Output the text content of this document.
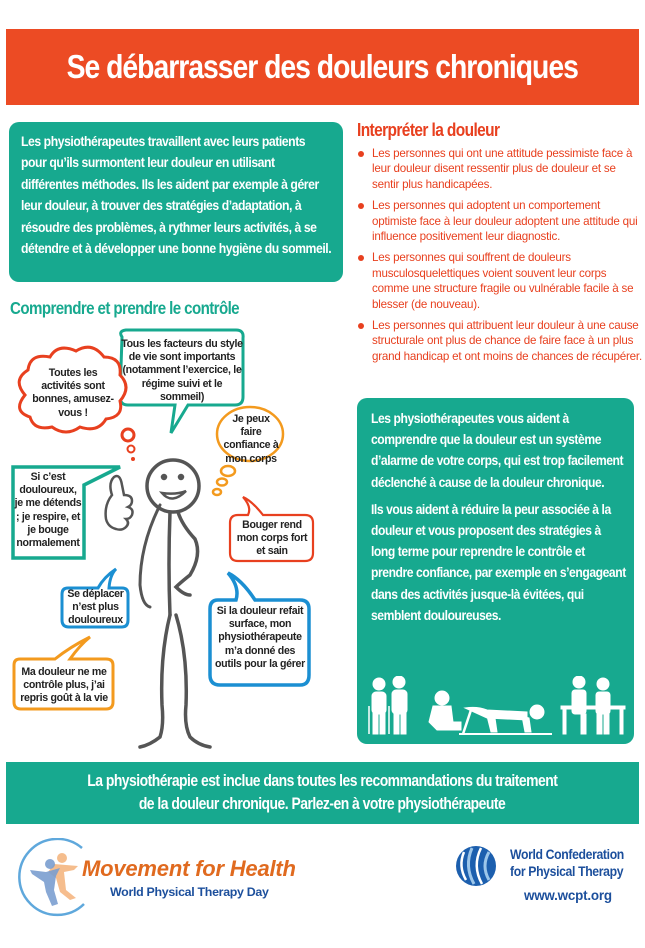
Se débarrasser des douleurs chroniques

Les physiothérapeutes travaillent avec leurs patients pour qu’ils surmontent leur douleur en utilisant différentes méthodes. Ils les aident par exemple à gérer leur douleur, à trouver des stratégies d’adaptation, à résoudre des problèmes, à rythmer leurs activités, à se détendre et à développer une bonne hygiène du sommeil.

Interpréter la douleur
Les personnes qui ont une attitude pessimiste face à leur douleur disent ressentir plus de douleur et se sentir plus handicapées.
Les personnes qui adoptent un comportement optimiste face à leur douleur adoptent une attitude qui influence positivement leur diagnostic.
Les personnes qui souffrent de douleurs musculosquelettiques voient souvent leur corps comme une structure fragile ou vulnérable facile à se blesser (de nouveau).
Les personnes qui attribuent leur douleur à une cause structurale ont plus de chance de faire face à un plus grand handicap et ont moins de chances de récupérer.
Comprendre et prendre le contrôle
Tous les facteurs du style de vie sont importants (notamment l’exercice, le régime suivi et le sommeil)
Toutes les activités sont bonnes, amusez-vous !
Je peux faire confiance à mon corps
Si c’est douloureux, je me détends ; je respire, et je bouge normalement
Bouger rend mon corps fort et sain
Se déplacer n’est plus douloureux
Si la douleur refait surface, mon physiothérapeute m’a donné des outils pour la gérer
Ma douleur ne me contrôle plus, j’ai repris goût à la vie

Les physiothérapeutes vous aident à comprendre que la douleur est un système d’alarme de votre corps, qui est trop facilement déclenché à cause de la douleur chronique.

Ils vous aident à réduire la peur associée à la douleur et vous proposent des stratégies à long terme pour reprendre le contrôle et prendre confiance, par exemple en s’engageant dans des activités jusque-là évitées, qui semblent douloureuses.

La physiothérapie est inclue dans toutes les recommandations du traitement
de la douleur chronique. Parlez-en à votre physiothérapeute
Movement for Health
World Physical Therapy Day
World Confederation
for Physical Therapy
www.wcpt.org
